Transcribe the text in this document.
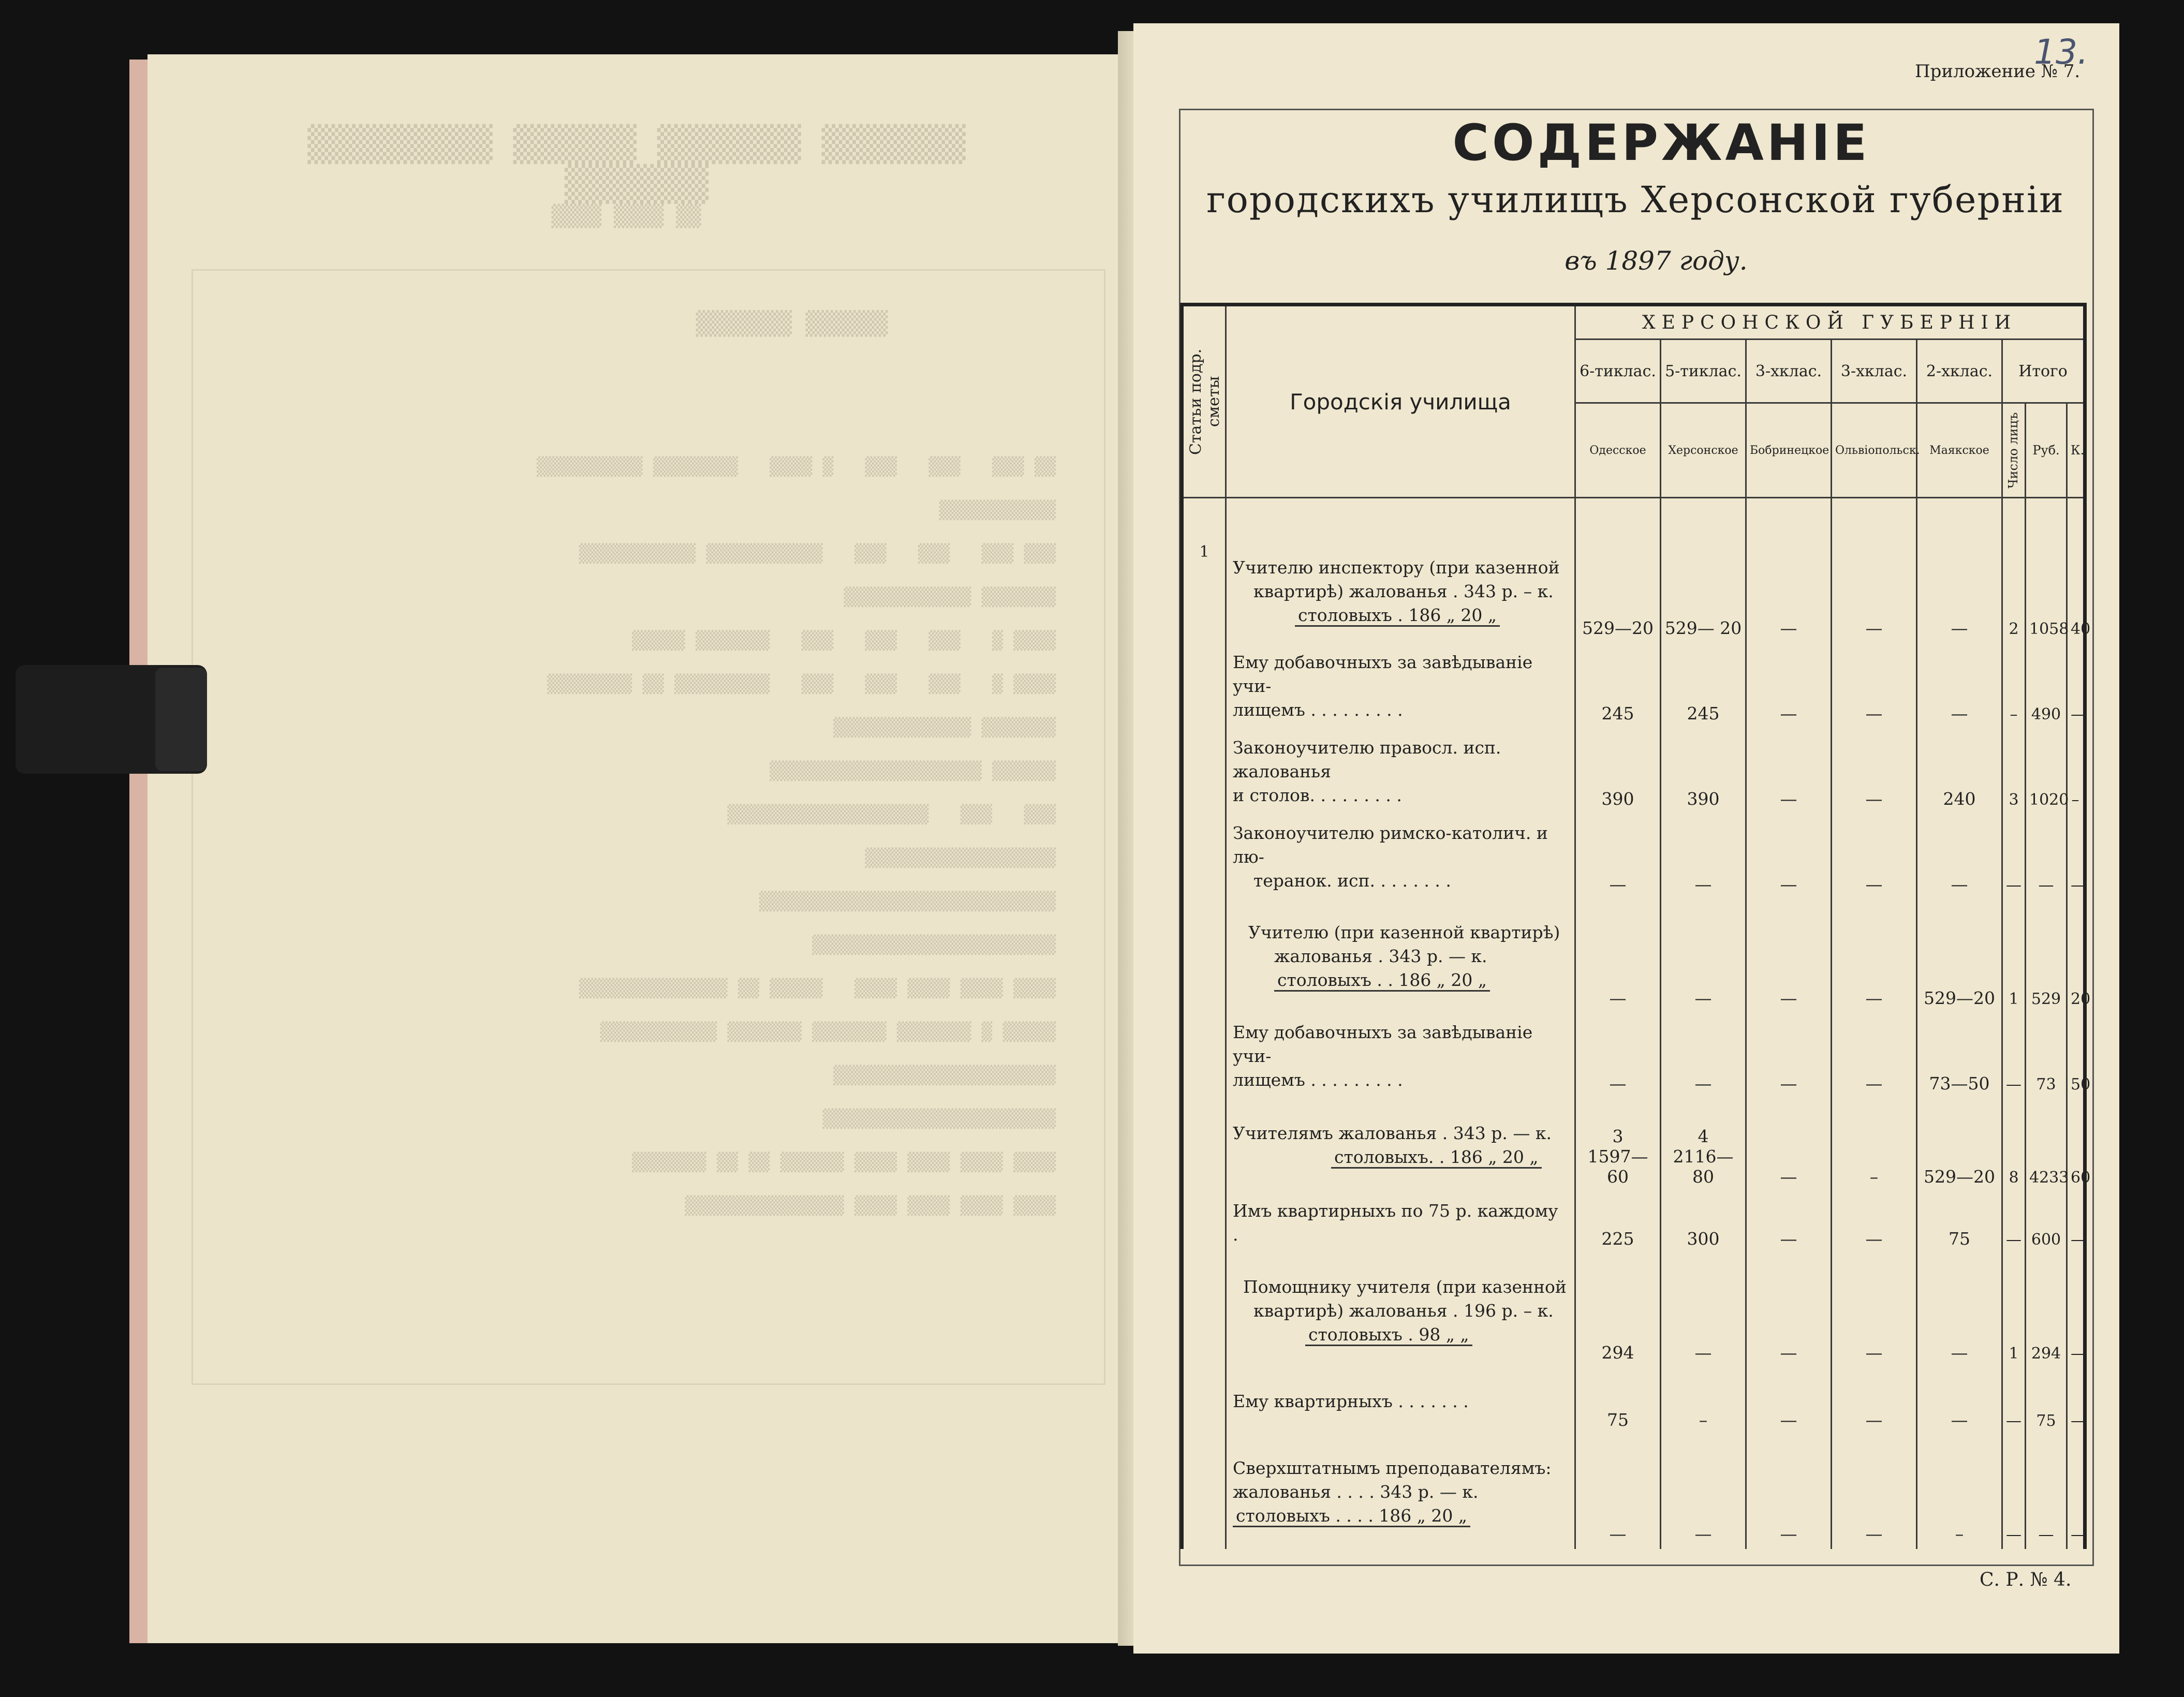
▒▒▒▒▒▒▒ ▒▒▒▒▒▒▒ ▒▒▒▒▒▒ ▒▒▒▒▒▒▒▒▒ ▒▒▒▒▒▒▒
▒▒ ▒▒▒▒ ▒▒▒▒
▒▒▒▒▒▒ ▒▒▒▒▒▒▒
▒▒ ▒▒▒   ▒▒▒   ▒▒▒   ▒ ▒▒▒▒   ▒▒▒▒▒▒▒▒ ▒▒▒▒▒▒▒▒▒▒
▒▒▒▒▒▒▒▒▒▒▒
▒▒▒ ▒▒▒   ▒▒▒   ▒▒▒   ▒▒▒▒▒▒▒▒▒▒▒ ▒▒▒▒▒▒▒▒▒▒▒
▒▒▒▒▒▒▒ ▒▒▒▒▒▒▒▒▒▒▒▒
▒▒▒▒ ▒   ▒▒▒   ▒▒▒   ▒▒▒   ▒▒▒▒▒▒▒ ▒▒▒▒▒
▒▒▒▒ ▒   ▒▒▒   ▒▒▒   ▒▒▒   ▒▒▒▒▒▒▒▒▒ ▒▒ ▒▒▒▒▒▒▒▒
▒▒▒▒▒▒▒ ▒▒▒▒▒▒▒▒▒▒▒▒▒
▒▒▒▒▒▒ ▒▒▒▒▒▒▒▒▒▒▒▒▒▒▒▒▒▒▒▒
▒▒▒   ▒▒▒   ▒▒▒▒▒▒▒▒▒▒▒▒▒▒▒▒▒▒▒
▒▒▒▒▒▒▒▒▒▒▒▒▒▒▒▒▒▒
▒▒▒▒▒▒▒▒▒▒▒▒▒▒▒▒▒▒▒▒▒▒▒▒▒▒▒▒
▒▒▒▒▒▒▒▒▒▒▒▒▒▒▒▒▒▒▒▒▒▒▒
▒▒▒▒ ▒▒▒▒ ▒▒▒▒ ▒▒▒▒   ▒▒▒▒▒ ▒▒ ▒▒▒▒▒▒▒▒▒▒▒▒▒▒
▒▒▒▒▒ ▒ ▒▒▒▒▒▒▒ ▒▒▒▒▒▒▒ ▒▒▒▒▒▒▒ ▒▒▒▒▒▒▒▒▒▒▒
▒▒▒▒▒▒▒▒▒▒▒▒▒▒▒▒▒▒▒▒▒
▒▒▒▒▒▒▒▒▒▒▒▒▒▒▒▒▒▒▒▒▒▒
▒▒▒▒ ▒▒▒▒ ▒▒▒▒ ▒▒▒▒ ▒▒▒▒▒▒ ▒▒ ▒▒ ▒▒▒▒▒▒▒
▒▒▒▒ ▒▒▒▒ ▒▒▒▒ ▒▒▒▒ ▒▒▒▒▒▒▒▒▒▒▒▒▒▒▒
13.
Приложение № 7.
СОДЕРЖАНІЕ
городскихъ училищъ Херсонской губерніи
въ 1897 году.
Статьи подр. сметы	Городскія училища	ХЕРСОНСКОЙ ГУБЕРНІИ							
		6-тиклас.	5-тиклас.	3-хклас.	3-хклас.	2-хклас.	Итого		
		Одесское	Херсонское	Бобринецкое	Ольвіопольск.	Маякское	Число лицъ	Руб.	К.

1	Учителю инспектору (при казенной
квартирѣ) жалованья . 343 р. – к.
столовыхъ . 186 „ 20 „	529—20	529— 20	—	—	—	2	1058	40

	Ему добавочныхъ за завѣдываніе учи-
лищемъ . . . . . . . . .	245	245	—	—	—	–	490	—

	Законоучителю правосл. исп. жалованья
и столов. . . . . . . . .	390	390	—	—	240	3	1020	–

	Законоучителю римско-католич. и лю-
теранок. исп. . . . . . . .	—	—	—	—	—	—	—	—

	Учителю (при казенной квартирѣ)
жалованья . 343 р. — к.
столовыхъ . . 186 „ 20 „	—	—	—	—	529—20	1	529	20

	Ему добавочныхъ за завѣдываніе учи-
лищемъ . . . . . . . . .	—	—	—	—	73—50	—	73	50

	Учителямъ жалованья . 343 р. — к.
столовыхъ. . 186 „ 20 „	3
1597—60	4
2116—80	—	–	529—20	8	4233	60

	Имъ квартирныхъ по 75 р. каждому .	225	300	—	—	75	—	600	—

	Помощнику учителя (при казенной
квартирѣ) жалованья . 196 р. – к.
столовыхъ . 98 „ „	294	—	—	—	—	1	294	—

	Ему квартирныхъ . . . . . . .	75	–	—	—	—	—	75	—

	Сверхштатнымъ преподавателямъ:
жалованья . . . . 343 р. — к.
столовыхъ . . . . 186 „ 20 „	—	—	—	—	–	—	—	—
С. Р. № 4.
